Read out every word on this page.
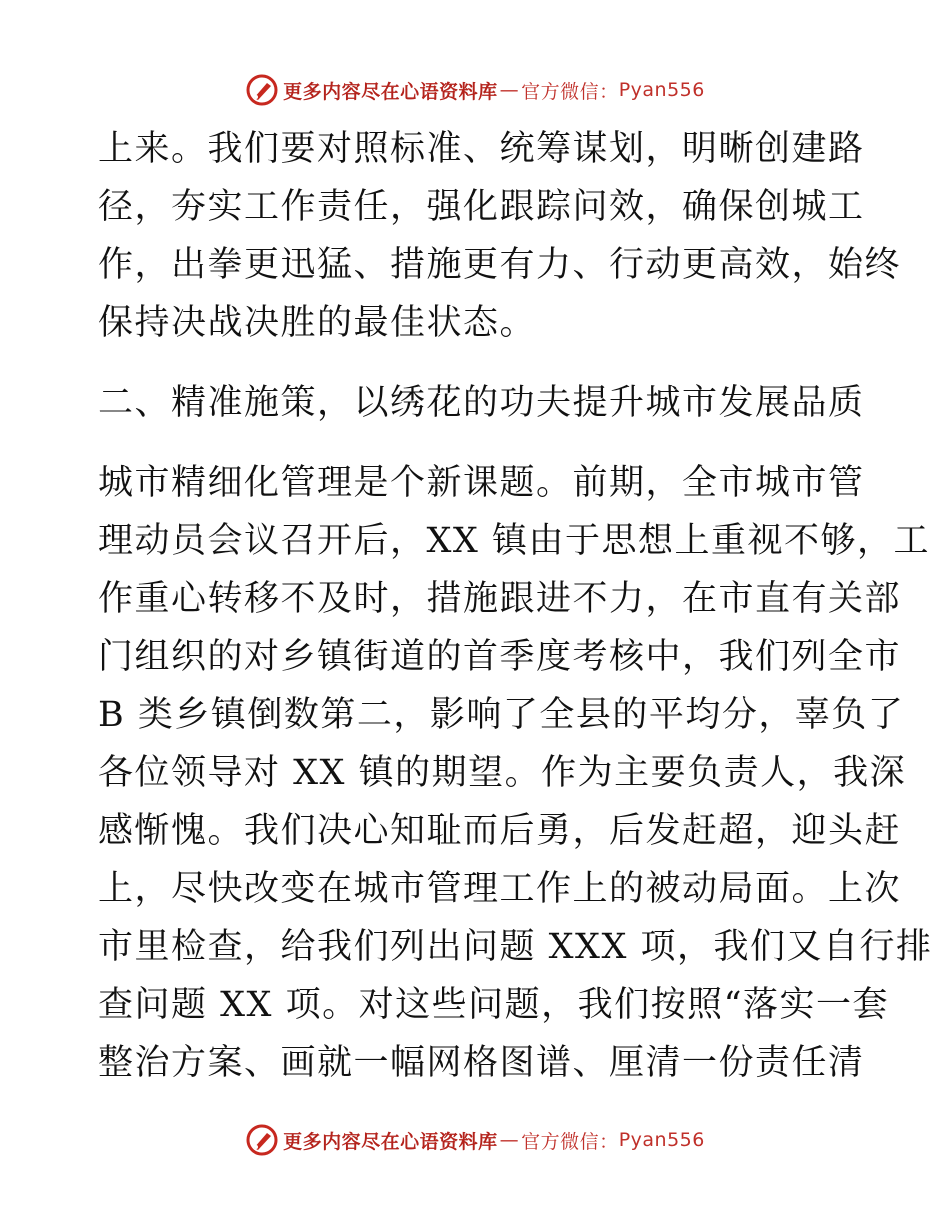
更多内容尽在心语资料库 — 官方微信： Pyan556

上来。我们要对照标准、统筹谋划，明晰创建路

径，夯实工作责任，强化跟踪问效，确保创城工

作，出拳更迅猛、措施更有力、行动更高效，始终

保持决战决胜的最佳状态。

二、精准施策，以绣花的功夫提升城市发展品质

城市精细化管理是个新课题。前期，全市城市管

理动员会议召开后，XX 镇由于思想上重视不够，工

作重心转移不及时，措施跟进不力，在市直有关部

门组织的对乡镇街道的首季度考核中，我们列全市

B 类乡镇倒数第二，影响了全县的平均分，辜负了

各位领导对 XX 镇的期望。作为主要负责人，我深

感惭愧。我们决心知耻而后勇，后发赶超，迎头赶

上，尽快改变在城市管理工作上的被动局面。上次

市里检查，给我们列出问题 XXX 项，我们又自行排

查问题 XX 项。对这些问题，我们按照“落实一套

整治方案、画就一幅网格图谱、厘清一份责任清

更多内容尽在心语资料库 — 官方微信： Pyan556
